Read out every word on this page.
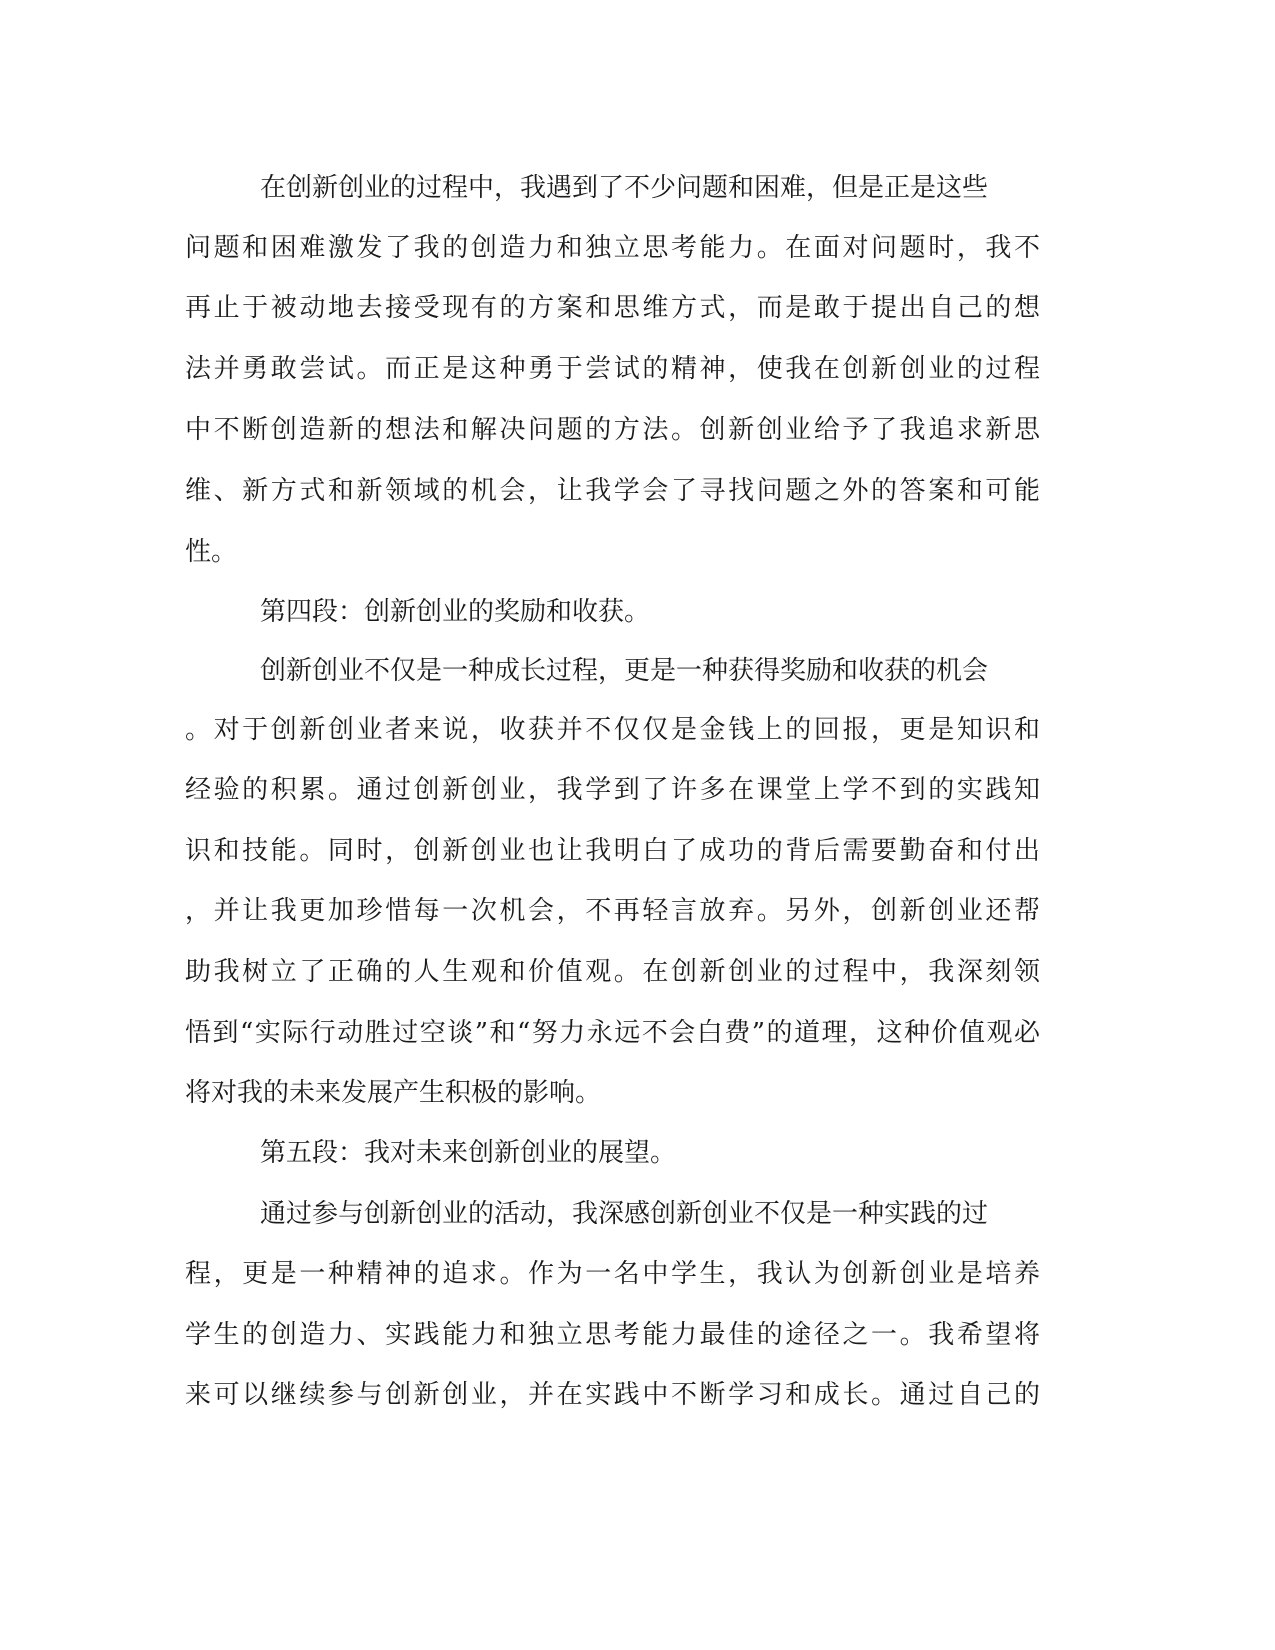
在创新创业的过程中，我遇到了不少问题和困难，但是正是这些
问题和困难激发了我的创造力和独立思考能力。在面对问题时，我不
再止于被动地去接受现有的方案和思维方式，而是敢于提出自己的想
法并勇敢尝试。而正是这种勇于尝试的精神，使我在创新创业的过程
中不断创造新的想法和解决问题的方法。创新创业给予了我追求新思
维、新方式和新领域的机会，让我学会了寻找问题之外的答案和可能
性。
第四段：创新创业的奖励和收获。
创新创业不仅是一种成长过程，更是一种获得奖励和收获的机会
。对于创新创业者来说，收获并不仅仅是金钱上的回报，更是知识和
经验的积累。通过创新创业，我学到了许多在课堂上学不到的实践知
识和技能。同时，创新创业也让我明白了成功的背后需要勤奋和付出
，并让我更加珍惜每一次机会，不再轻言放弃。另外，创新创业还帮
助我树立了正确的人生观和价值观。在创新创业的过程中，我深刻领
悟到“实际行动胜过空谈”和“努力永远不会白费”的道理，这种价值观必
将对我的未来发展产生积极的影响。
第五段：我对未来创新创业的展望。
通过参与创新创业的活动，我深感创新创业不仅是一种实践的过
程，更是一种精神的追求。作为一名中学生，我认为创新创业是培养
学生的创造力、实践能力和独立思考能力最佳的途径之一。我希望将
来可以继续参与创新创业，并在实践中不断学习和成长。通过自己的
